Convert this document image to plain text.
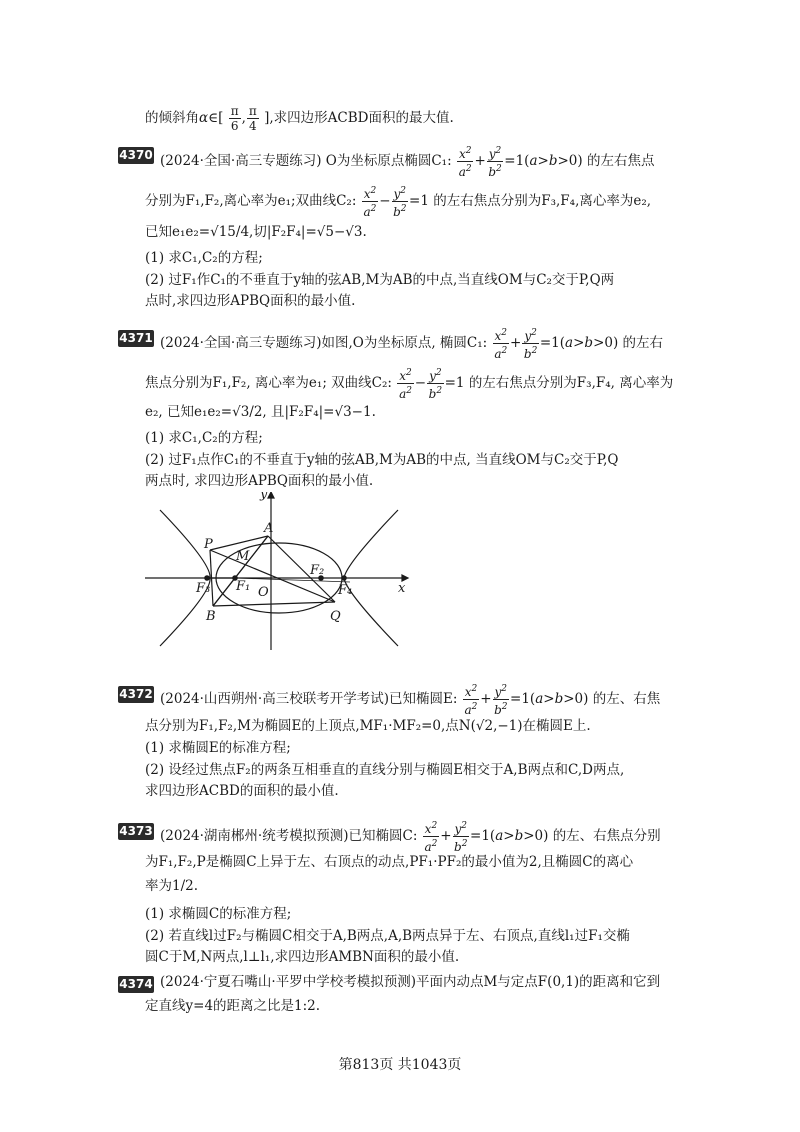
的倾斜角α∈[ $\frac{\pi}{6}$ , $\frac{\pi}{4}$ ],求四边形ACBD面积的最大值.
4370 (2024·全国·高三专题练习) O为坐标原点椭圆C₁: $\frac{x^2}{a^2} + \frac{y^2}{b^2} =1(a>b>0)$ 的左右焦点
分别为F₁,F₂,离心率为e₁;双曲线C₂: $\frac{x^2}{a^2} - \frac{y^2}{b^2} =1$ 的左右焦点分别为F₃,F₄,离心率为e₂,
已知e₁e₂=√15/4,切|F₂F₄|=√5−√3.
(1) 求C₁,C₂的方程;
(2) 过F₁作C₁的不垂直于y轴的弦AB,M为AB的中点,当直线OM与C₂交于P,Q两
点时,求四边形APBQ面积的最小值.
4371 (2024·全国·高三专题练习)如图,O为坐标原点, 椭圆C₁: $\frac{x^2}{a^2} + \frac{y^2}{b^2} =1(a>b>0)$ 的左右
焦点分别为F₁,F₂, 离心率为e₁; 双曲线C₂: $\frac{x^2}{a^2} - \frac{y^2}{b^2} =1$ 的左右焦点分别为F₃,F₄, 离心率为
e₂, 已知e₁e₂=√3/2, 且|F₂F₄|=√3−1.
(1) 求C₁,C₂的方程;
(2) 过F₁点作C₁的不垂直于y轴的弦AB,M为AB的中点, 当直线OM与C₂交于P,Q
两点时, 求四边形APBQ面积的最小值.
y
x
P
A
M
F₂
F₃ F₁ O	F₄
B	Q
4372 (2024·山西朔州·高三校联考开学考试)已知椭圆E: $\frac{x^2}{a^2} + \frac{y^2}{b^2} =1(a>b>0)$ 的左、右焦
点分别为F₁,F₂,M为椭圆E的上顶点,MF₁·MF₂=0,点N(√2,−1)在椭圆E上.
(1) 求椭圆E的标准方程;
(2) 设经过焦点F₂的两条互相垂直的直线分别与椭圆E相交于A,B两点和C,D两点,
求四边形ACBD的面积的最小值.
4373 (2024·湖南郴州·统考模拟预测)已知椭圆C: $\frac{x^2}{a^2} + \frac{y^2}{b^2} =1(a>b>0)$ 的左、右焦点分别
为F₁,F₂,P是椭圆C上异于左、右顶点的动点,PF₁·PF₂的最小值为2,且椭圆C的离心
率为1/2.
(1) 求椭圆C的标准方程;
(2) 若直线l过F₂与椭圆C相交于A,B两点,A,B两点异于左、右顶点,直线l₁过F₁交椭
圆C于M,N两点,l⊥l₁,求四边形AMBN面积的最小值.
4374 (2024·宁夏石嘴山·平罗中学校考模拟预测)平面内动点M与定点F(0,1)的距离和它到
定直线y=4的距离之比是1:2.
第813页 共1043页
